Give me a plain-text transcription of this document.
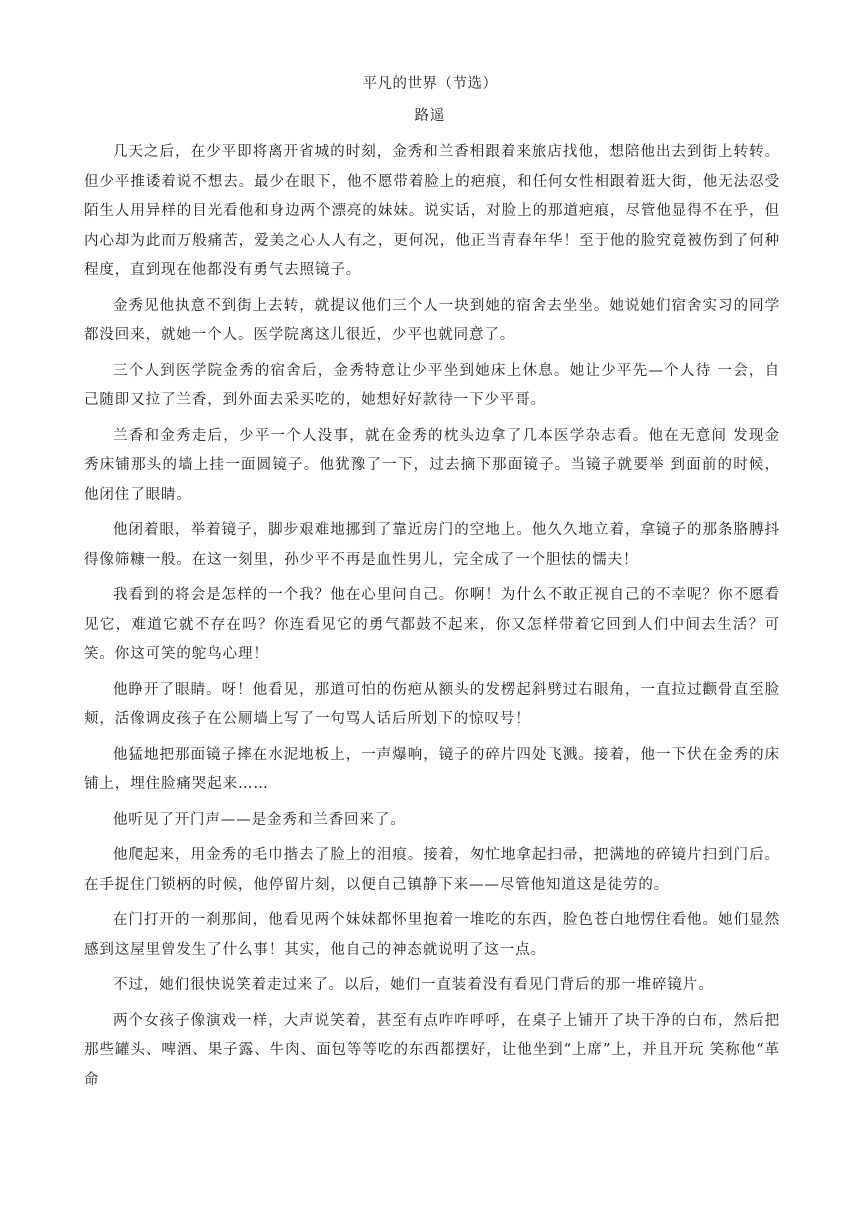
平凡的世界（节选）
路遥

几天之后，在少平即将离开省城的时刻，金秀和兰香相跟着来旅店找他，想陪他出去到街上转转。但少平推诿着说不想去。最少在眼下，他不愿带着脸上的疤痕，和任何女性相跟着逛大街，他无法忍受陌生人用异样的目光看他和身边两个漂亮的妹妹。说实话，对脸上的那道疤痕，尽管他显得不在乎，但内心却为此而万般痛苦，爱美之心人人有之，更何况，他正当青春年华！至于他的脸究竟被伤到了何种程度，直到现在他都没有勇气去照镜子。

金秀见他执意不到街上去转，就提议他们三个人一块到她的宿舍去坐坐。她说她们宿舍实习的同学都没回来，就她一个人。医学院离这儿很近，少平也就同意了。

三个人到医学院金秀的宿舍后，金秀特意让少平坐到她床上休息。她让少平先—个人待 一会，自己随即又拉了兰香，到外面去采买吃的，她想好好款待一下少平哥。

兰香和金秀走后，少平一个人没事，就在金秀的枕头边拿了几本医学杂志看。他在无意间 发现金秀床铺那头的墙上挂一面圆镜子。他犹豫了一下，过去摘下那面镜子。当镜子就要举 到面前的时候，他闭住了眼睛。

他闭着眼，举着镜子，脚步艰难地挪到了靠近房门的空地上。他久久地立着，拿镜子的那条胳膊抖得像筛糠一般。在这一刻里，孙少平不再是血性男儿，完全成了一个胆怯的懦夫！

我看到的将会是怎样的一个我？他在心里问自己。你啊！为什么不敢正视自己的不幸呢？你不愿看见它，难道它就不存在吗？你连看见它的勇气都鼓不起来，你又怎样带着它回到人们中间去生活？可笑。你这可笑的鸵鸟心理！

他睁开了眼睛。呀！他看见，那道可怕的伤疤从额头的发楞起斜劈过右眼角，一直拉过颧骨直至脸颊，活像调皮孩子在公厕墙上写了一句骂人话后所划下的惊叹号！

他猛地把那面镜子摔在水泥地板上，一声爆响，镜子的碎片四处飞溅。接着，他一下伏在金秀的床铺上，埋住脸痛哭起来……

他听见了开门声——是金秀和兰香回来了。

他爬起来，用金秀的毛巾揩去了脸上的泪痕。接着，匆忙地拿起扫帚，把满地的碎镜片扫到门后。在手捉住门锁柄的时候，他停留片刻，以便自己镇静下来——尽管他知道这是徒劳的。

在门打开的一刹那间，他看见两个妹妹都怀里抱着一堆吃的东西，脸色苍白地愣住看他。她们显然感到这屋里曾发生了什么事！其实，他自己的神态就说明了这一点。

不过，她们很快说笑着走过来了。以后，她们一直装着没有看见门背后的那一堆碎镜片。

两个女孩子像演戏一样，大声说笑着，甚至有点咋咋呼呼，在桌子上铺开了块干净的白布，然后把那些罐头、啤酒、果子露、牛肉、面包等等吃的东西都摆好，让他坐到“上席”上，并且开玩 笑称他“革命
